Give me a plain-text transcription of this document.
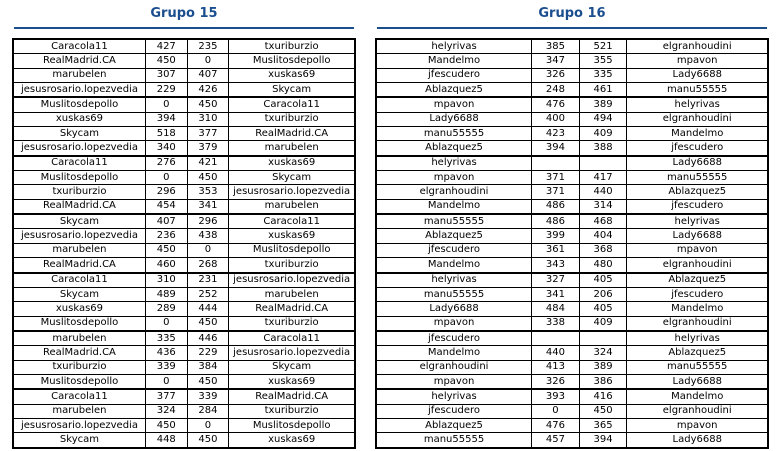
Grupo 15
Caracola11	427	235	txuriburzio
RealMadrid.CA	450	0	Muslitosdepollo
marubelen	307	407	xuskas69
jesusrosario.lopezvedia	229	426	Skycam
Muslitosdepollo	0	450	Caracola11
xuskas69	394	310	txuriburzio
Skycam	518	377	RealMadrid.CA
jesusrosario.lopezvedia	340	379	marubelen
Caracola11	276	421	xuskas69
Muslitosdepollo	0	450	Skycam
txuriburzio	296	353	jesusrosario.lopezvedia
RealMadrid.CA	454	341	marubelen
Skycam	407	296	Caracola11
jesusrosario.lopezvedia	236	438	xuskas69
marubelen	450	0	Muslitosdepollo
RealMadrid.CA	460	268	txuriburzio
Caracola11	310	231	jesusrosario.lopezvedia
Skycam	489	252	marubelen
xuskas69	289	444	RealMadrid.CA
Muslitosdepollo	0	450	txuriburzio
marubelen	335	446	Caracola11
RealMadrid.CA	436	229	jesusrosario.lopezvedia
txuriburzio	339	384	Skycam
Muslitosdepollo	0	450	xuskas69
Caracola11	377	339	RealMadrid.CA
marubelen	324	284	txuriburzio
jesusrosario.lopezvedia	450	0	Muslitosdepollo
Skycam	448	450	xuskas69
Grupo 16
helyrivas	385	521	elgranhoudini
Mandelmo	347	355	mpavon
jfescudero	326	335	Lady6688
Ablazquez5	248	461	manu55555
mpavon	476	389	helyrivas
Lady6688	400	494	elgranhoudini
manu55555	423	409	Mandelmo
Ablazquez5	394	388	jfescudero
helyrivas			Lady6688
mpavon	371	417	manu55555
elgranhoudini	371	440	Ablazquez5
Mandelmo	486	314	jfescudero
manu55555	486	468	helyrivas
Ablazquez5	399	404	Lady6688
jfescudero	361	368	mpavon
Mandelmo	343	480	elgranhoudini
helyrivas	327	405	Ablazquez5
manu55555	341	206	jfescudero
Lady6688	484	405	Mandelmo
mpavon	338	409	elgranhoudini
jfescudero			helyrivas
Mandelmo	440	324	Ablazquez5
elgranhoudini	413	389	manu55555
mpavon	326	386	Lady6688
helyrivas	393	416	Mandelmo
jfescudero	0	450	elgranhoudini
Ablazquez5	476	365	mpavon
manu55555	457	394	Lady6688
